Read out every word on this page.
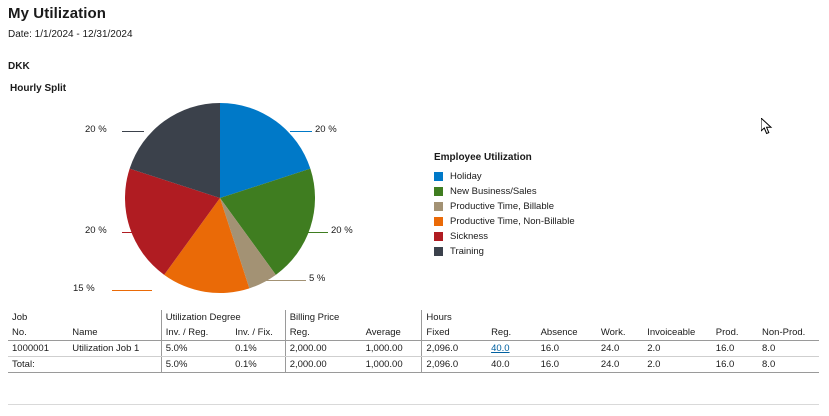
My Utilization
Date: 1/1/2024 - 12/31/2024
DKK
Hourly Split
20 %
20 %
5 %
15 %
20 %
20 %
Employee Utilization
Holiday
New Business/Sales
Productive Time, Billable
Productive Time, Non-Billable
Sickness
Training
Job		Utilization Degree		Billing Price		Hours						
No.	Name	Inv. / Reg.	Inv. / Fix.	Reg.	Average	Fixed	Reg.	Absence	Work.	Invoiceable	Prod.	Non-Prod.
1000001	Utilization Job 1	5.0%	0.1%	2,000.00	1,000.00	2,096.0	40.0	16.0	24.0	2.0	16.0	8.0
Total:		5.0%	0.1%	2,000.00	1,000.00	2,096.0	40.0	16.0	24.0	2.0	16.0	8.0
